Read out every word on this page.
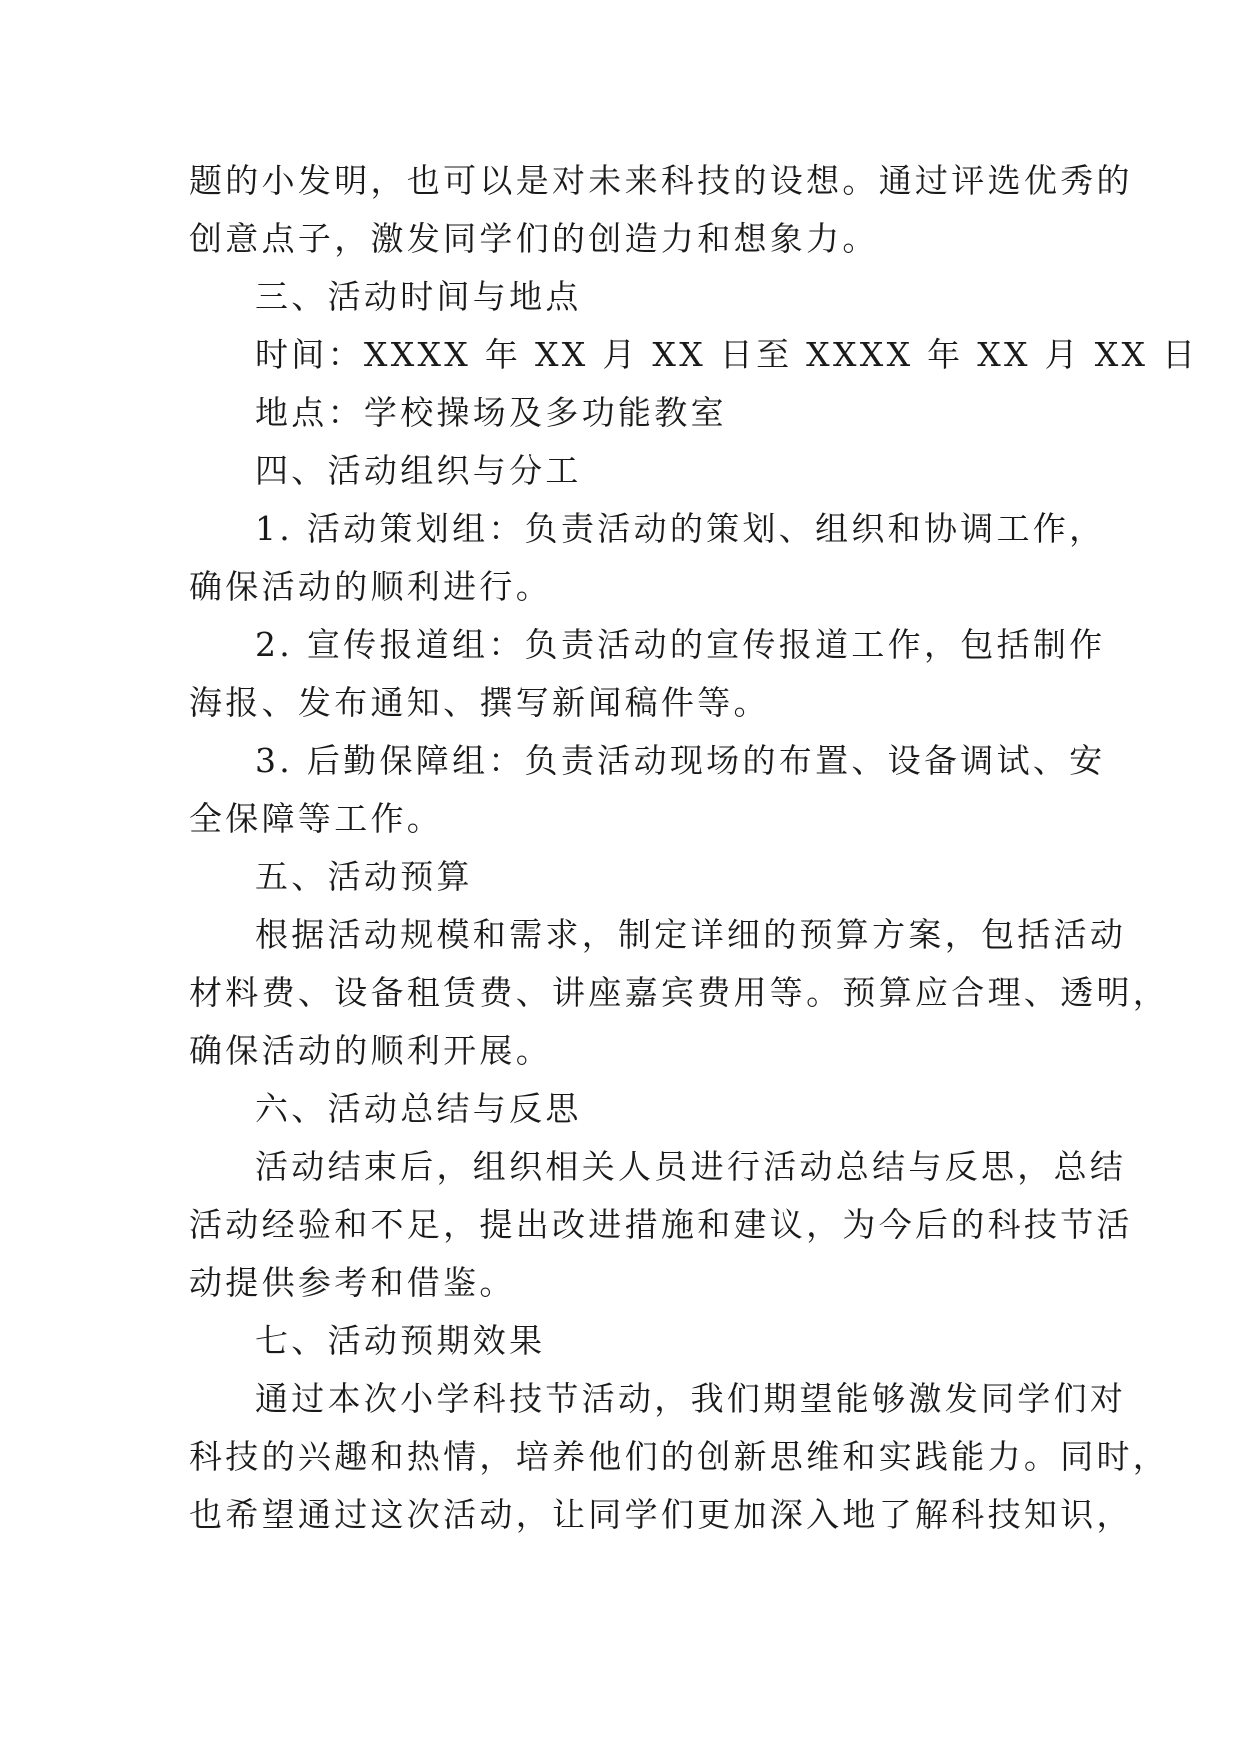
题的小发明，也可以是对未来科技的设想。通过评选优秀的
创意点子，激发同学们的创造力和想象力。
三、活动时间与地点
时间：XXXX 年 XX 月 XX 日至 XXXX 年 XX 月 XX 日
地点：学校操场及多功能教室
四、活动组织与分工
1. 活动策划组：负责活动的策划、组织和协调工作，
确保活动的顺利进行。
2. 宣传报道组：负责活动的宣传报道工作，包括制作
海报、发布通知、撰写新闻稿件等。
3. 后勤保障组：负责活动现场的布置、设备调试、安
全保障等工作。
五、活动预算
根据活动规模和需求，制定详细的预算方案，包括活动
材料费、设备租赁费、讲座嘉宾费用等。预算应合理、透明，
确保活动的顺利开展。
六、活动总结与反思
活动结束后，组织相关人员进行活动总结与反思，总结
活动经验和不足，提出改进措施和建议，为今后的科技节活
动提供参考和借鉴。
七、活动预期效果
通过本次小学科技节活动，我们期望能够激发同学们对
科技的兴趣和热情，培养他们的创新思维和实践能力。同时，
也希望通过这次活动，让同学们更加深入地了解科技知识，
